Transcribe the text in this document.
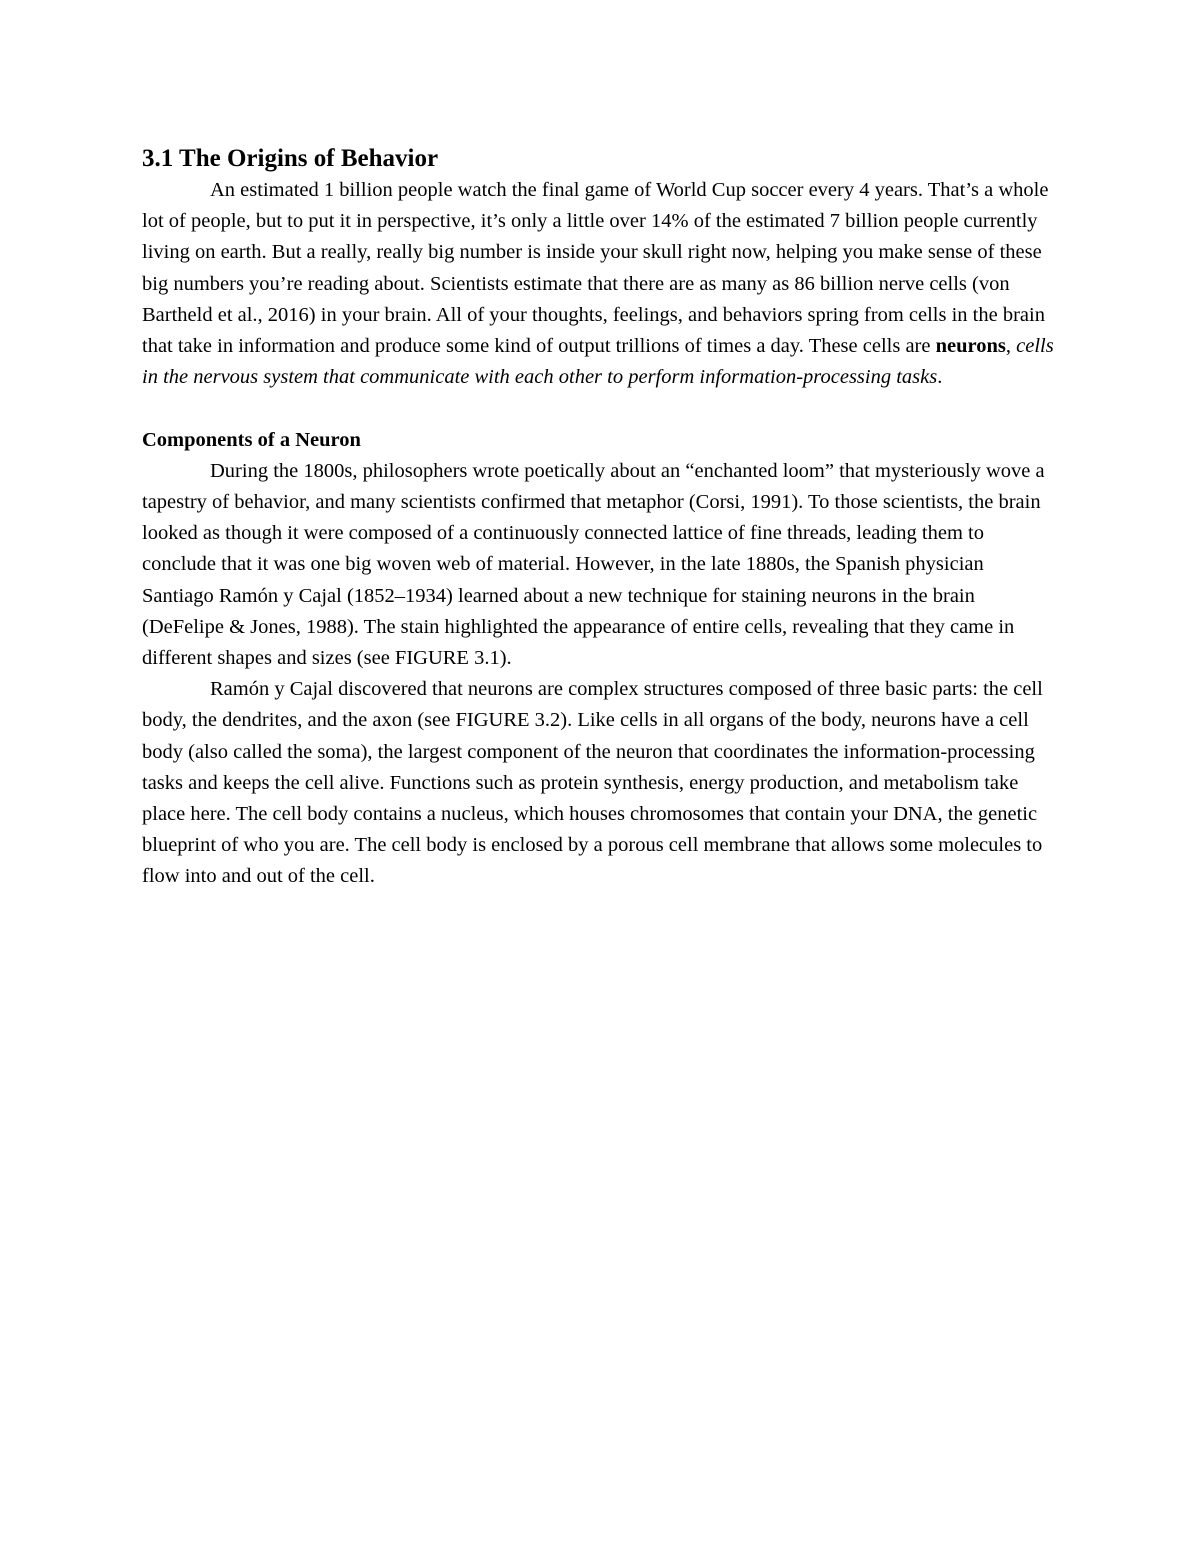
3.1 The Origins of Behavior

An estimated 1 billion people watch the final game of World Cup soccer every 4 years. That’s a whole lot of people, but to put it in perspective, it’s only a little over 14% of the estimated 7 billion people currently living on earth. But a really, really big number is inside your skull right now, helping you make sense of these big numbers you’re reading about. Scientists estimate that there are as many as 86 billion nerve cells (von Bartheld et al., 2016) in your brain. All of your thoughts, feelings, and behaviors spring from cells in the brain that take in information and produce some kind of output trillions of times a day. These cells are neurons, cells in the nervous system that communicate with each other to perform information-processing tasks.

Components of a Neuron

During the 1800s, philosophers wrote poetically about an “enchanted loom” that mysteriously wove a tapestry of behavior, and many scientists confirmed that metaphor (Corsi, 1991). To those scientists, the brain looked as though it were composed of a continuously connected lattice of fine threads, leading them to conclude that it was one big woven web of material. However, in the late 1880s, the Spanish physician Santiago Ramón y Cajal (1852–1934) learned about a new technique for staining neurons in the brain (DeFelipe & Jones, 1988). The stain highlighted the appearance of entire cells, revealing that they came in different shapes and sizes (see FIGURE 3.1).

Ramón y Cajal discovered that neurons are complex structures composed of three basic parts: the cell body, the dendrites, and the axon (see FIGURE 3.2). Like cells in all organs of the body, neurons have a cell body (also called the soma), the largest component of the neuron that coordinates the information-processing tasks and keeps the cell alive. Functions such as protein synthesis, energy production, and metabolism take place here. The cell body contains a nucleus, which houses chromosomes that contain your DNA, the genetic blueprint of who you are. The cell body is enclosed by a porous cell membrane that allows some molecules to flow into and out of the cell.
